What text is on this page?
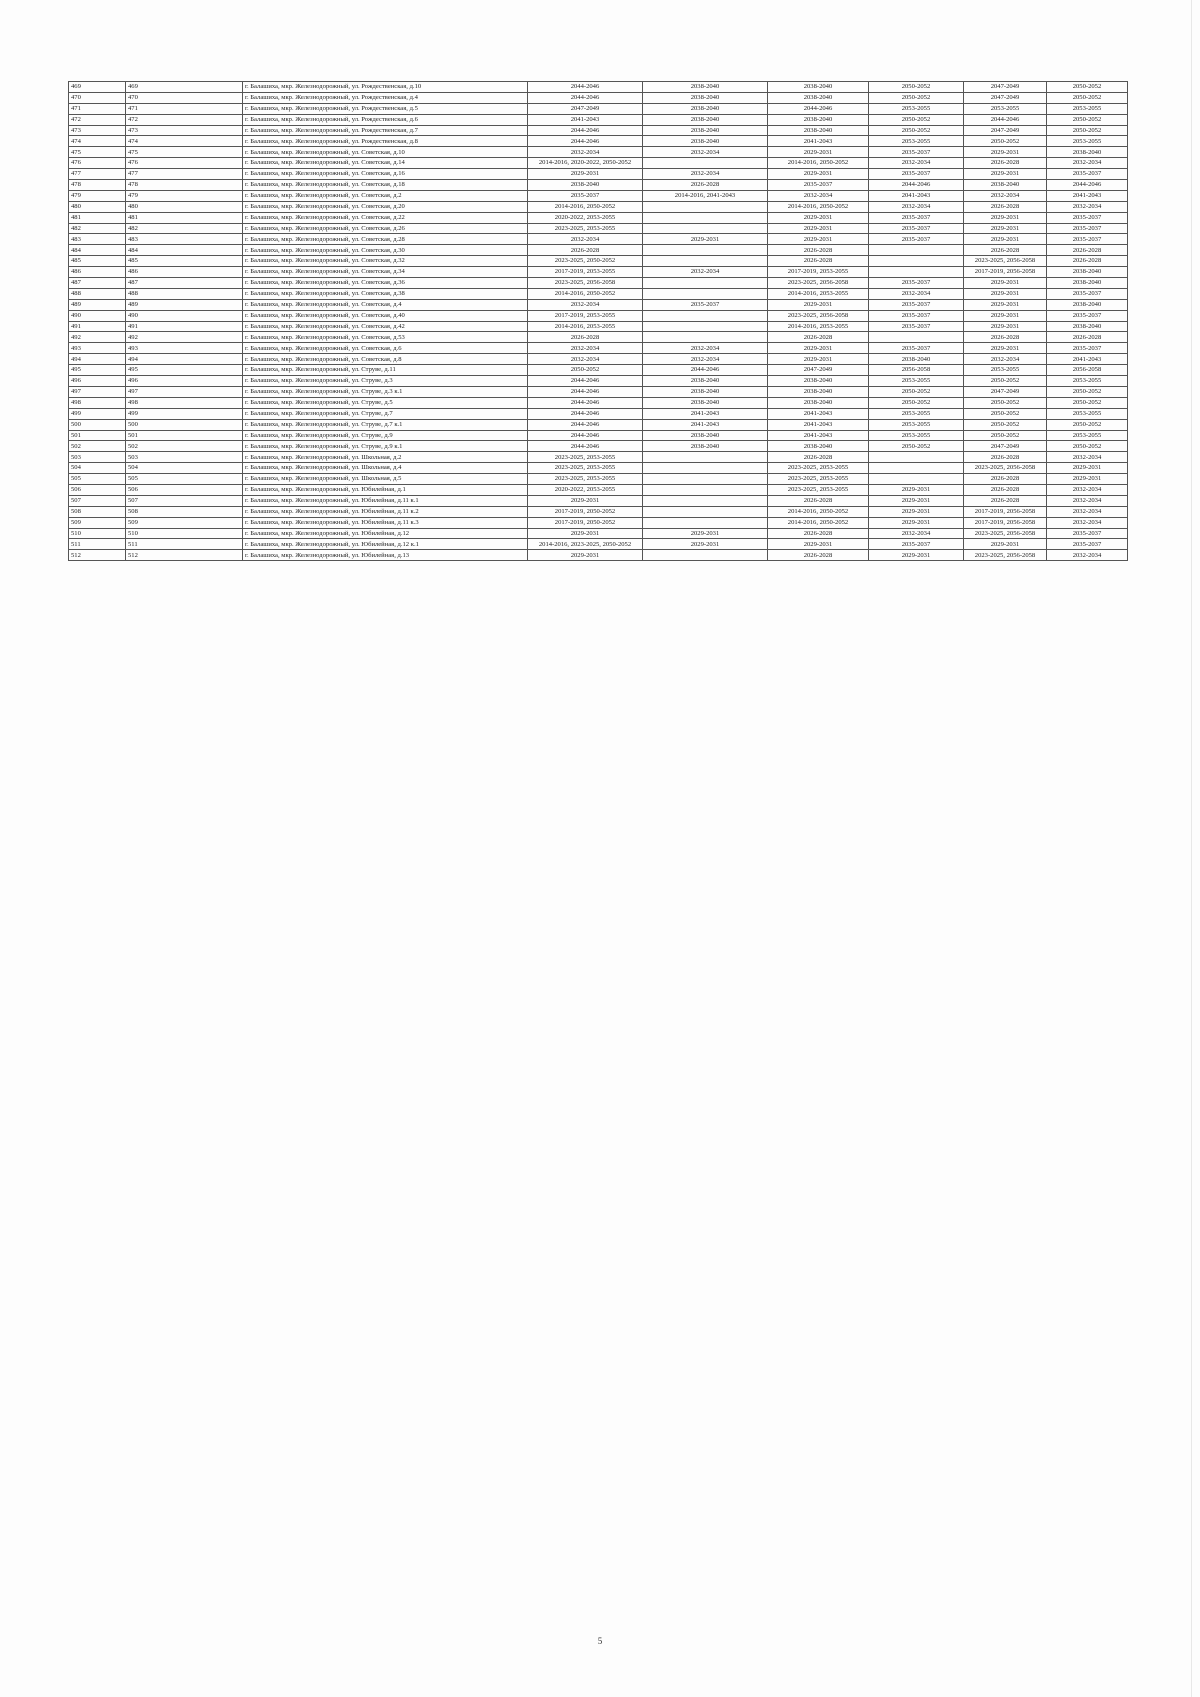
469	469	г. Балашиха, мкр. Железнодорожный, ул. Рождественская, д.10	2044-2046	2038-2040	2038-2040	2050-2052	2047-2049	2050-2052
470	470	г. Балашиха, мкр. Железнодорожный, ул. Рождественская, д.4	2044-2046	2038-2040	2038-2040	2050-2052	2047-2049	2050-2052
471	471	г. Балашиха, мкр. Железнодорожный, ул. Рождественская, д.5	2047-2049	2038-2040	2044-2046	2053-2055	2053-2055	2053-2055
472	472	г. Балашиха, мкр. Железнодорожный, ул. Рождественская, д.6	2041-2043	2038-2040	2038-2040	2050-2052	2044-2046	2050-2052
473	473	г. Балашиха, мкр. Железнодорожный, ул. Рождественская, д.7	2044-2046	2038-2040	2038-2040	2050-2052	2047-2049	2050-2052
474	474	г. Балашиха, мкр. Железнодорожный, ул. Рождественская, д.8	2044-2046	2038-2040	2041-2043	2053-2055	2050-2052	2053-2055
475	475	г. Балашиха, мкр. Железнодорожный, ул. Советская, д.10	2032-2034	2032-2034	2029-2031	2035-2037	2029-2031	2038-2040
476	476	г. Балашиха, мкр. Железнодорожный, ул. Советская, д.14	2014-2016, 2020-2022, 2050-2052		2014-2016, 2050-2052	2032-2034	2026-2028	2032-2034
477	477	г. Балашиха, мкр. Железнодорожный, ул. Советская, д.16	2029-2031	2032-2034	2029-2031	2035-2037	2029-2031	2035-2037
478	478	г. Балашиха, мкр. Железнодорожный, ул. Советская, д.18	2038-2040	2026-2028	2035-2037	2044-2046	2038-2040	2044-2046
479	479	г. Балашиха, мкр. Железнодорожный, ул. Советская, д.2	2035-2037	2014-2016, 2041-2043	2032-2034	2041-2043	2032-2034	2041-2043
480	480	г. Балашиха, мкр. Железнодорожный, ул. Советская, д.20	2014-2016, 2050-2052		2014-2016, 2050-2052	2032-2034	2026-2028	2032-2034
481	481	г. Балашиха, мкр. Железнодорожный, ул. Советская, д.22	2020-2022, 2053-2055		2029-2031	2035-2037	2029-2031	2035-2037
482	482	г. Балашиха, мкр. Железнодорожный, ул. Советская, д.26	2023-2025, 2053-2055		2029-2031	2035-2037	2029-2031	2035-2037
483	483	г. Балашиха, мкр. Железнодорожный, ул. Советская, д.28	2032-2034	2029-2031	2029-2031	2035-2037	2029-2031	2035-2037
484	484	г. Балашиха, мкр. Железнодорожный, ул. Советская, д.30	2026-2028		2026-2028		2026-2028	2026-2028
485	485	г. Балашиха, мкр. Железнодорожный, ул. Советская, д.32	2023-2025, 2050-2052		2026-2028		2023-2025, 2056-2058	2026-2028
486	486	г. Балашиха, мкр. Железнодорожный, ул. Советская, д.34	2017-2019, 2053-2055	2032-2034	2017-2019, 2053-2055		2017-2019, 2056-2058	2038-2040
487	487	г. Балашиха, мкр. Железнодорожный, ул. Советская, д.36	2023-2025, 2056-2058		2023-2025, 2056-2058	2035-2037	2029-2031	2038-2040
488	488	г. Балашиха, мкр. Железнодорожный, ул. Советская, д.38	2014-2016, 2050-2052		2014-2016, 2053-2055	2032-2034	2029-2031	2035-2037
489	489	г. Балашиха, мкр. Железнодорожный, ул. Советская, д.4	2032-2034	2035-2037	2029-2031	2035-2037	2029-2031	2038-2040
490	490	г. Балашиха, мкр. Железнодорожный, ул. Советская, д.40	2017-2019, 2053-2055		2023-2025, 2056-2058	2035-2037	2029-2031	2035-2037
491	491	г. Балашиха, мкр. Железнодорожный, ул. Советская, д.42	2014-2016, 2053-2055		2014-2016, 2053-2055	2035-2037	2029-2031	2038-2040
492	492	г. Балашиха, мкр. Железнодорожный, ул. Советская, д.53	2026-2028		2026-2028		2026-2028	2026-2028
493	493	г. Балашиха, мкр. Железнодорожный, ул. Советская, д.6	2032-2034	2032-2034	2029-2031	2035-2037	2029-2031	2035-2037
494	494	г. Балашиха, мкр. Железнодорожный, ул. Советская, д.8	2032-2034	2032-2034	2029-2031	2038-2040	2032-2034	2041-2043
495	495	г. Балашиха, мкр. Железнодорожный, ул. Струве, д.11	2050-2052	2044-2046	2047-2049	2056-2058	2053-2055	2056-2058
496	496	г. Балашиха, мкр. Железнодорожный, ул. Струве, д.3	2044-2046	2038-2040	2038-2040	2053-2055	2050-2052	2053-2055
497	497	г. Балашиха, мкр. Железнодорожный, ул. Струве, д.3 к.1	2044-2046	2038-2040	2038-2040	2050-2052	2047-2049	2050-2052
498	498	г. Балашиха, мкр. Железнодорожный, ул. Струве, д.5	2044-2046	2038-2040	2038-2040	2050-2052	2050-2052	2050-2052
499	499	г. Балашиха, мкр. Железнодорожный, ул. Струве, д.7	2044-2046	2041-2043	2041-2043	2053-2055	2050-2052	2053-2055
500	500	г. Балашиха, мкр. Железнодорожный, ул. Струве, д.7 к.1	2044-2046	2041-2043	2041-2043	2053-2055	2050-2052	2050-2052
501	501	г. Балашиха, мкр. Железнодорожный, ул. Струве, д.9	2044-2046	2038-2040	2041-2043	2053-2055	2050-2052	2053-2055
502	502	г. Балашиха, мкр. Железнодорожный, ул. Струве, д.9 к.1	2044-2046	2038-2040	2038-2040	2050-2052	2047-2049	2050-2052
503	503	г. Балашиха, мкр. Железнодорожный, ул. Школьная, д.2	2023-2025, 2053-2055		2026-2028		2026-2028	2032-2034
504	504	г. Балашиха, мкр. Железнодорожный, ул. Школьная, д.4	2023-2025, 2053-2055		2023-2025, 2053-2055		2023-2025, 2056-2058	2029-2031
505	505	г. Балашиха, мкр. Железнодорожный, ул. Школьная, д.5	2023-2025, 2053-2055		2023-2025, 2053-2055		2026-2028	2029-2031
506	506	г. Балашиха, мкр. Железнодорожный, ул. Юбилейная, д.1	2020-2022, 2053-2055		2023-2025, 2053-2055	2029-2031	2026-2028	2032-2034
507	507	г. Балашиха, мкр. Железнодорожный, ул. Юбилейная, д.11 к.1	2029-2031		2026-2028	2029-2031	2026-2028	2032-2034
508	508	г. Балашиха, мкр. Железнодорожный, ул. Юбилейная, д.11 к.2	2017-2019, 2050-2052		2014-2016, 2050-2052	2029-2031	2017-2019, 2056-2058	2032-2034
509	509	г. Балашиха, мкр. Железнодорожный, ул. Юбилейная, д.11 к.3	2017-2019, 2050-2052		2014-2016, 2050-2052	2029-2031	2017-2019, 2056-2058	2032-2034
510	510	г. Балашиха, мкр. Железнодорожный, ул. Юбилейная, д.12	2029-2031	2029-2031	2026-2028	2032-2034	2023-2025, 2056-2058	2035-2037
511	511	г. Балашиха, мкр. Железнодорожный, ул. Юбилейная, д.12 к.1	2014-2016, 2023-2025, 2050-2052	2029-2031	2029-2031	2035-2037	2029-2031	2035-2037
512	512	г. Балашиха, мкр. Железнодорожный, ул. Юбилейная, д.13	2029-2031		2026-2028	2029-2031	2023-2025, 2056-2058	2032-2034
5
